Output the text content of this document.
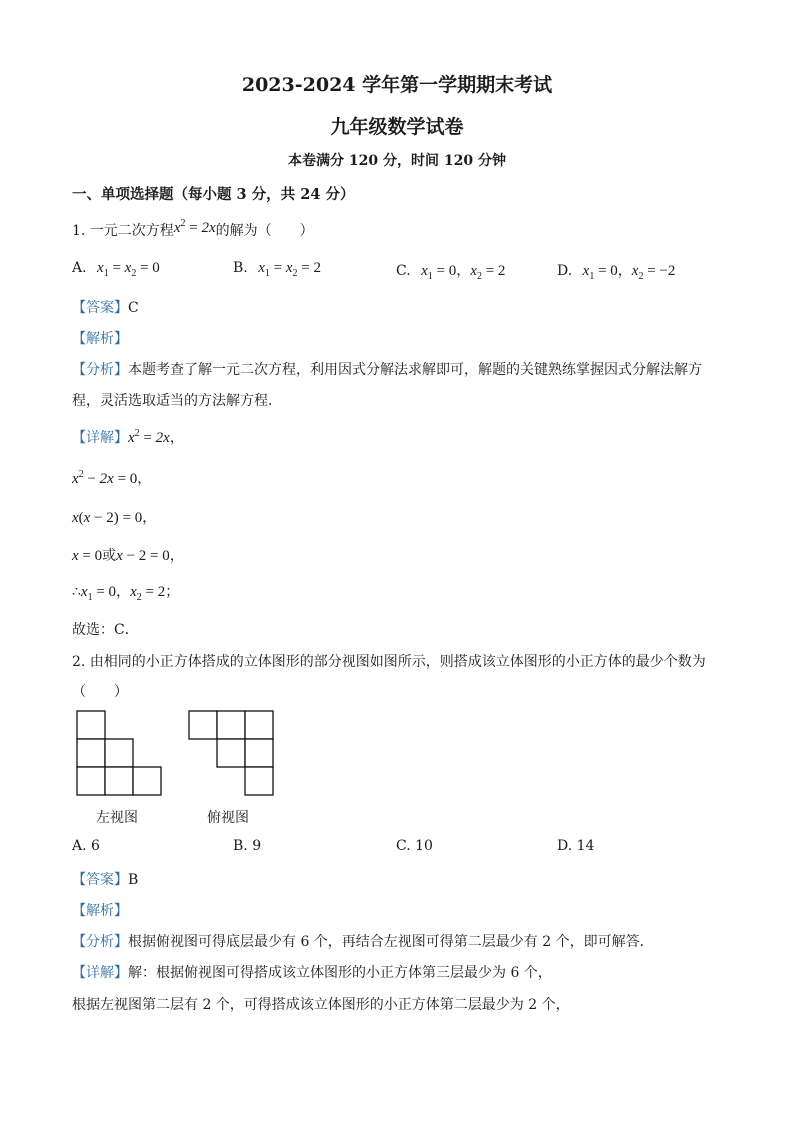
2023-2024 学年第一学期期末考试
九年级数学试卷
本卷满分 120 分，时间 120 分钟
一、单项选择题（每小题 3 分，共 24 分）
1. 一元二次方程$x^2 = 2x$的解为（　　）
A. $x_1 = x_2 = 0$	B. $x_1 = x_2 = 2$	C. $x_1 = 0$，$x_2 = 2$	D. $x_1 = 0$，$x_2 = -2$
【答案】C
【解析】
【分析】本题考查了解一元二次方程，利用因式分解法求解即可，解题的关键熟练掌握因式分解法解方
程，灵活选取适当的方法解方程．
【详解】$x^2 = 2x$，
$x^2 - 2x = 0$，
x(x − 2) = 0，
x = 0或x − 2 = 0，
$\therefore x_1 = 0$，$x_2 = 2$；
故选：C．
2. 由相同的小正方体搭成的立体图形的部分视图如图所示，则搭成该立体图形的小正方体的最少个数为
（　　）
左视图	俯视图
A. 6	B. 9	C. 10	D. 14
【答案】B
【解析】
【分析】根据俯视图可得底层最少有 6 个，再结合左视图可得第二层最少有 2 个，即可解答．
【详解】解：根据俯视图可得搭成该立体图形的小正方体第三层最少为 6 个，
根据左视图第二层有 2 个，可得搭成该立体图形的小正方体第二层最少为 2 个，
